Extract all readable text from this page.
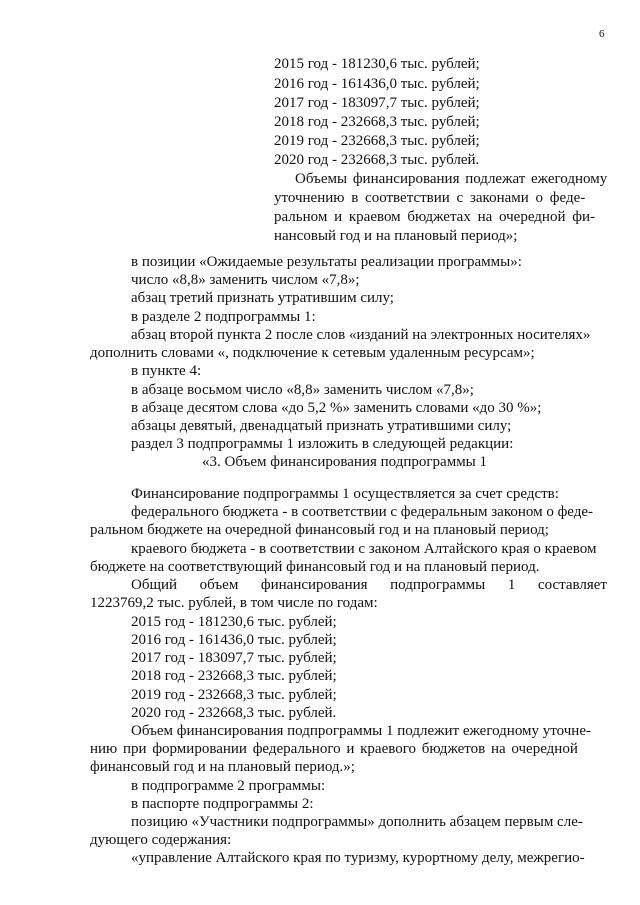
6
2015 год - 181230,6 тыс. рублей;
2016 год - 161436,0 тыс. рублей;
2017 год - 183097,7 тыс. рублей;
2018 год - 232668,3 тыс. рублей;
2019 год - 232668,3 тыс. рублей;
2020 год - 232668,3 тыс. рублей.
Объемы финансирования подлежат ежегодному
уточнению в соответствии с законами о феде-
ральном и краевом бюджетах на очередной фи-
нансовый год и на плановый период»;
в позиции «Ожидаемые результаты реализации программы»:
число «8,8» заменить числом «7,8»;
абзац третий признать утратившим силу;
в разделе 2 подпрограммы 1:
абзац второй пункта 2 после слов «изданий на электронных носителях»
дополнить словами «, подключение к сетевым удаленным ресурсам»;
в пункте 4:
в абзаце восьмом число «8,8» заменить числом «7,8»;
в абзаце десятом слова «до 5,2 %» заменить словами «до 30 %»;
абзацы девятый, двенадцатый признать утратившими силу;
раздел 3 подпрограммы 1 изложить в следующей редакции:
«3. Объем финансирования подпрограммы 1
Финансирование подпрограммы 1 осуществляется за счет средств:
федерального бюджета - в соответствии с федеральным законом о феде-
ральном бюджете на очередной финансовый год и на плановый период;
краевого бюджета - в соответствии с законом Алтайского края о краевом
бюджете на соответствующий финансовый год и на плановый период.
Общий объем финансирования подпрограммы 1 составляет
1223769,2 тыс. рублей, в том числе по годам:
2015 год - 181230,6 тыс. рублей;
2016 год - 161436,0 тыс. рублей;
2017 год - 183097,7 тыс. рублей;
2018 год - 232668,3 тыс. рублей;
2019 год - 232668,3 тыс. рублей;
2020 год - 232668,3 тыс. рублей.
Объем финансирования подпрограммы 1 подлежит ежегодному уточне-
нию при формировании федерального и краевого бюджетов на очередной
финансовый год и на плановый период.»;
в подпрограмме 2 программы:
в паспорте подпрограммы 2:
позицию «Участники подпрограммы» дополнить абзацем первым сле-
дующего содержания:
«управление Алтайского края по туризму, курортному делу, межрегио-
